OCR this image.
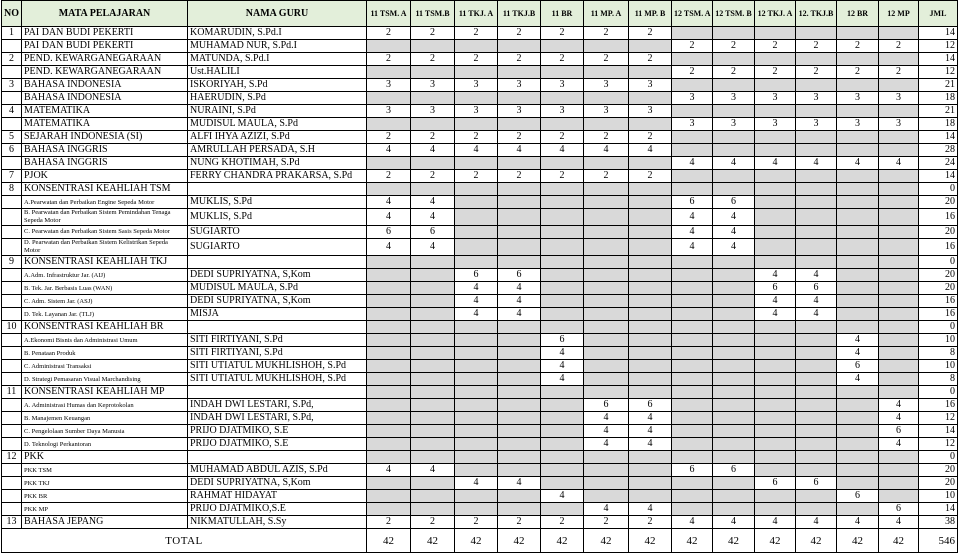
NO	MATA PELAJARAN	NAMA GURU	11 TSM. A	11 TSM.B	11 TKJ. A	11 TKJ.B	11 BR	11 MP. A	11 MP. B	12 TSM. A	12 TSM. B	12 TKJ. A	12. TKJ.B	12 BR	12 MP	JML
1	PAI DAN BUDI PEKERTI	KOMARUDIN, S.Pd.I	2	2	2	2	2	2	2							14
	PAI DAN BUDI PEKERTI	MUHAMAD NUR, S.Pd.I								2	2	2	2	2	2	12
2	PEND. KEWARGANEGARAAN	MATUNDA, S.Pd.I	2	2	2	2	2	2	2							14
	PEND. KEWARGANEGARAAN	Ust.HALILI								2	2	2	2	2	2	12
3	BAHASA INDONESIA	ISKORIYAH, S.Pd	3	3	3	3	3	3	3							21
	BAHASA INDONESIA	HAERUDIN, S.Pd								3	3	3	3	3	3	18
4	MATEMATIKA	NURAINI, S.Pd	3	3	3	3	3	3	3							21
	MATEMATIKA	MUDISUL MAULA, S.Pd								3	3	3	3	3	3	18
5	SEJARAH INDONESIA (SI)	ALFI IHYA AZIZI, S.Pd	2	2	2	2	2	2	2							14
6	BAHASA INGGRIS	AMRULLAH PERSADA, S.H	4	4	4	4	4	4	4							28
	BAHASA INGGRIS	NUNG KHOTIMAH, S.Pd								4	4	4	4	4	4	24
7	PJOK	FERRY CHANDRA PRAKARSA, S.Pd	2	2	2	2	2	2	2							14
8	KONSENTRASI KEAHLIAH TSM															0
	A.Pearwatan dan Perbaikan Engine Sepeda Motor	MUKLIS, S.Pd	4	4						6	6					20
	B. Pearwatan dan Perbaikan Sistem Pemindahan Tenaga Sepeda Motor	MUKLIS, S.Pd	4	4						4	4					16
	C. Pearwatan dan Perbaikan Sistem Sasis Sepeda Motor	SUGIARTO	6	6						4	4					20
	D. Pearwatan dan Perbaikan Sistem Kelistrikan Sepeda Motor	SUGIARTO	4	4						4	4					16
9	KONSENTRASI KEAHLIAH TKJ															0
	A.Adm. Infrastruktur Jar. (AIJ)	DEDI SUPRIYATNA, S,Kom			6	6						4	4			20
	B. Tek. Jar. Berbasis Luas (WAN)	MUDISUL MAULA, S.Pd			4	4						6	6			20
	C. Adm. Sistem Jar. (ASJ)	DEDI SUPRIYATNA, S,Kom			4	4						4	4			16
	D. Tek. Layanan Jar. (TLJ)	MISJA			4	4						4	4			16
10	KONSENTRASI KEAHLIAH BR															0
	A.Ekonomi Bisnis dan Administrasi Umum	SITI FIRTIYANI, S.Pd					6							4		10
	B. Penataan Produk	SITI FIRTIYANI, S.Pd					4							4		8
	C. Administrasi Transaksi	SITI UTIATUL MUKHLISHOH, S.Pd					4							6		10
	D. Strategi Pemasaran Visual Marchandising	SITI UTIATUL MUKHLISHOH, S.Pd					4							4		8
11	KONSENTRASI KEAHLIAH MP															0
	A. Administrasi Humas dan Keprotokolan	INDAH DWI LESTARI, S.Pd,						6	6						4	16
	B. Manajemen Keuangan	INDAH DWI LESTARI, S.Pd,						4	4						4	12
	C. Pengelolaan Sumber Daya Manusia	PRIJO DJATMIKO, S.E						4	4						6	14
	D. Teknologi Perkantoran	PRIJO DJATMIKO, S.E						4	4						4	12
12	PKK															0
	PKK TSM	MUHAMAD ABDUL AZIS, S.Pd	4	4						6	6					20
	PKK TKJ	DEDI SUPRIYATNA, S,Kom			4	4						6	6			20
	PKK BR	RAHMAT HIDAYAT					4							6		10
	PKK MP	PRIJO DJATMIKO,S.E						4	4						6	14
13	BAHASA JEPANG	NIKMATULLAH, S.Sy	2	2	2	2	2	2	2	4	4	4	4	4	4	38
TOTAL			42	42	42	42	42	42	42	42	42	42	42	42	42	546
